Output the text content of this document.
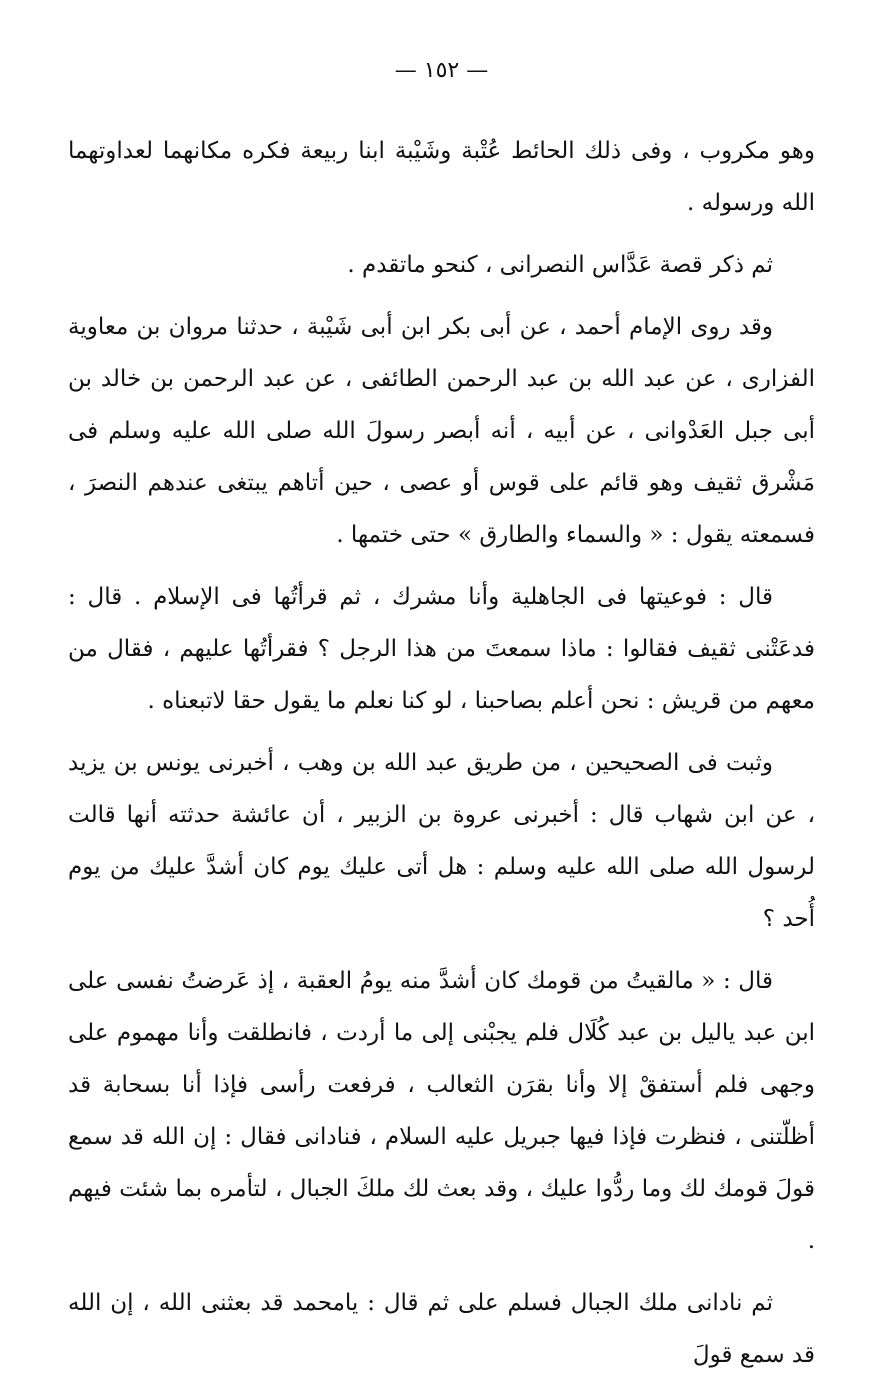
— ١٥٢ —

وهو مكروب ، وفى ذلك الحائط عُتْبة وشَيْبة ابنا ربيعة فكره مكانهما لعداوتهما الله ورسوله .

ثم ذكر قصة عَدَّاس النصرانى ، كنحو ماتقدم .

وقد روى الإمام أحمد ، عن أبى بكر ابن أبى شَيْبة ، حدثنا مروان بن معاوية الفزارى ، عن عبد الله بن عبد الرحمن الطائفى ، عن عبد الرحمن بن خالد بن أبى جبل العَدْوانى ، عن أبيه ، أنه أبصر رسولَ الله صلى الله عليه وسلم فى مَشْرق ثقيف وهو قائم على قوس أو عصى ، حين أتاهم يبتغى عندهم النصرَ ، فسمعته يقول : « والسماء والطارق » حتى ختمها .

قال : فوعيتها فى الجاهلية وأنا مشرك ، ثم قرأتُها فى الإسلام . قال : فدعَتْنى ثقيف فقالوا : ماذا سمعتَ من هذا الرجل ؟ فقرأتُها عليهم ، فقال من معهم من قريش : نحن أعلم بصاحبنا ، لو كنا نعلم ما يقول حقا لاتبعناه .

وثبت فى الصحيحين ، من طريق عبد الله بن وهب ، أخبرنى يونس بن يزيد ، عن ابن شهاب قال : أخبرنى عروة بن الزبير ، أن عائشة حدثته أنها قالت لرسول الله صلى الله عليه وسلم : هل أتى عليك يوم كان أشدَّ عليك من يوم أُحد ؟

قال : « مالقيتُ من قومك كان أشدَّ منه يومُ العقبة ، إذ عَرضتُ نفسى على ابن عبد ياليل بن عبد كُلَال فلم يجبْنى إلى ما أردت ، فانطلقت وأنا مهموم على وجهى فلم أستفقْ إلا وأنا بقرَن الثعالب ، فرفعت رأسى فإذا أنا بسحابة قد أظلّتنى ، فنظرت فإذا فيها جبريل عليه السلام ، فنادانى فقال : إن الله قد سمع قولَ قومك لك وما ردُّوا عليك ، وقد بعث لك ملكَ الجبال ، لتأمره بما شئت فيهم .

ثم نادانى ملك الجبال فسلم على ثم قال : يامحمد قد بعثنى الله ، إن الله قد سمع قولَ
